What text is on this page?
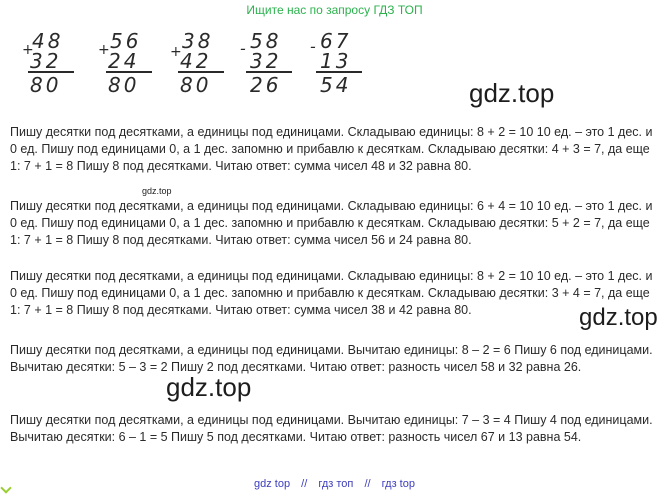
Ищите нас по запросу ГДЗ ТОП
+
48
32
80
+
56
24
80
+
38
42
80
- 58
32
26
- 67
13
54	gdz.top
gdz.top
gdz.top
gdz.top

Пишу десятки под десятками, а единицы под единицами. Складываю единицы: 8 + 2 = 10 10 ед. – это 1 дес. и 0 ед. Пишу под единицами 0, а 1 дес. запомню и прибавлю к десяткам. Складываю десятки: 4 + 3 = 7, да еще 1: 7 + 1 = 8 Пишу 8 под десятками. Читаю ответ: сумма чисел 48 и 32 равна 80.

Пишу десятки под десятками, а единицы под единицами. Складываю единицы: 6 + 4 = 10 10 ед. – это 1 дес. и 0 ед. Пишу под единицами 0, а 1 дес. запомню и прибавлю к десяткам. Складываю десятки: 5 + 2 = 7, да еще 1: 7 + 1 = 8 Пишу 8 под десятками. Читаю ответ: сумма чисел 56 и 24 равна 80.

Пишу десятки под десятками, а единицы под единицами. Складываю единицы: 8 + 2 = 10 10 ед. – это 1 дес. и 0 ед. Пишу под единицами 0, а 1 дес. запомню и прибавлю к десяткам. Складываю десятки: 3 + 4 = 7, да еще 1: 7 + 1 = 8 Пишу 8 под десятками. Читаю ответ: сумма чисел 38 и 42 равна 80.

Пишу десятки под десятками, а единицы под единицами. Вычитаю единицы: 8 – 2 = 6 Пишу 6 под единицами. Вычитаю десятки: 5 – 3 = 2 Пишу 2 под десятками. Читаю ответ: разность чисел 58 и 32 равна 26.

Пишу десятки под десятками, а единицы под единицами. Вычитаю единицы: 7 – 3 = 4 Пишу 4 под единицами. Вычитаю десятки: 6 – 1 = 5 Пишу 5 под десятками. Читаю ответ: разность чисел 67 и 13 равна 54.

gdz top // гдз топ // гдз top
